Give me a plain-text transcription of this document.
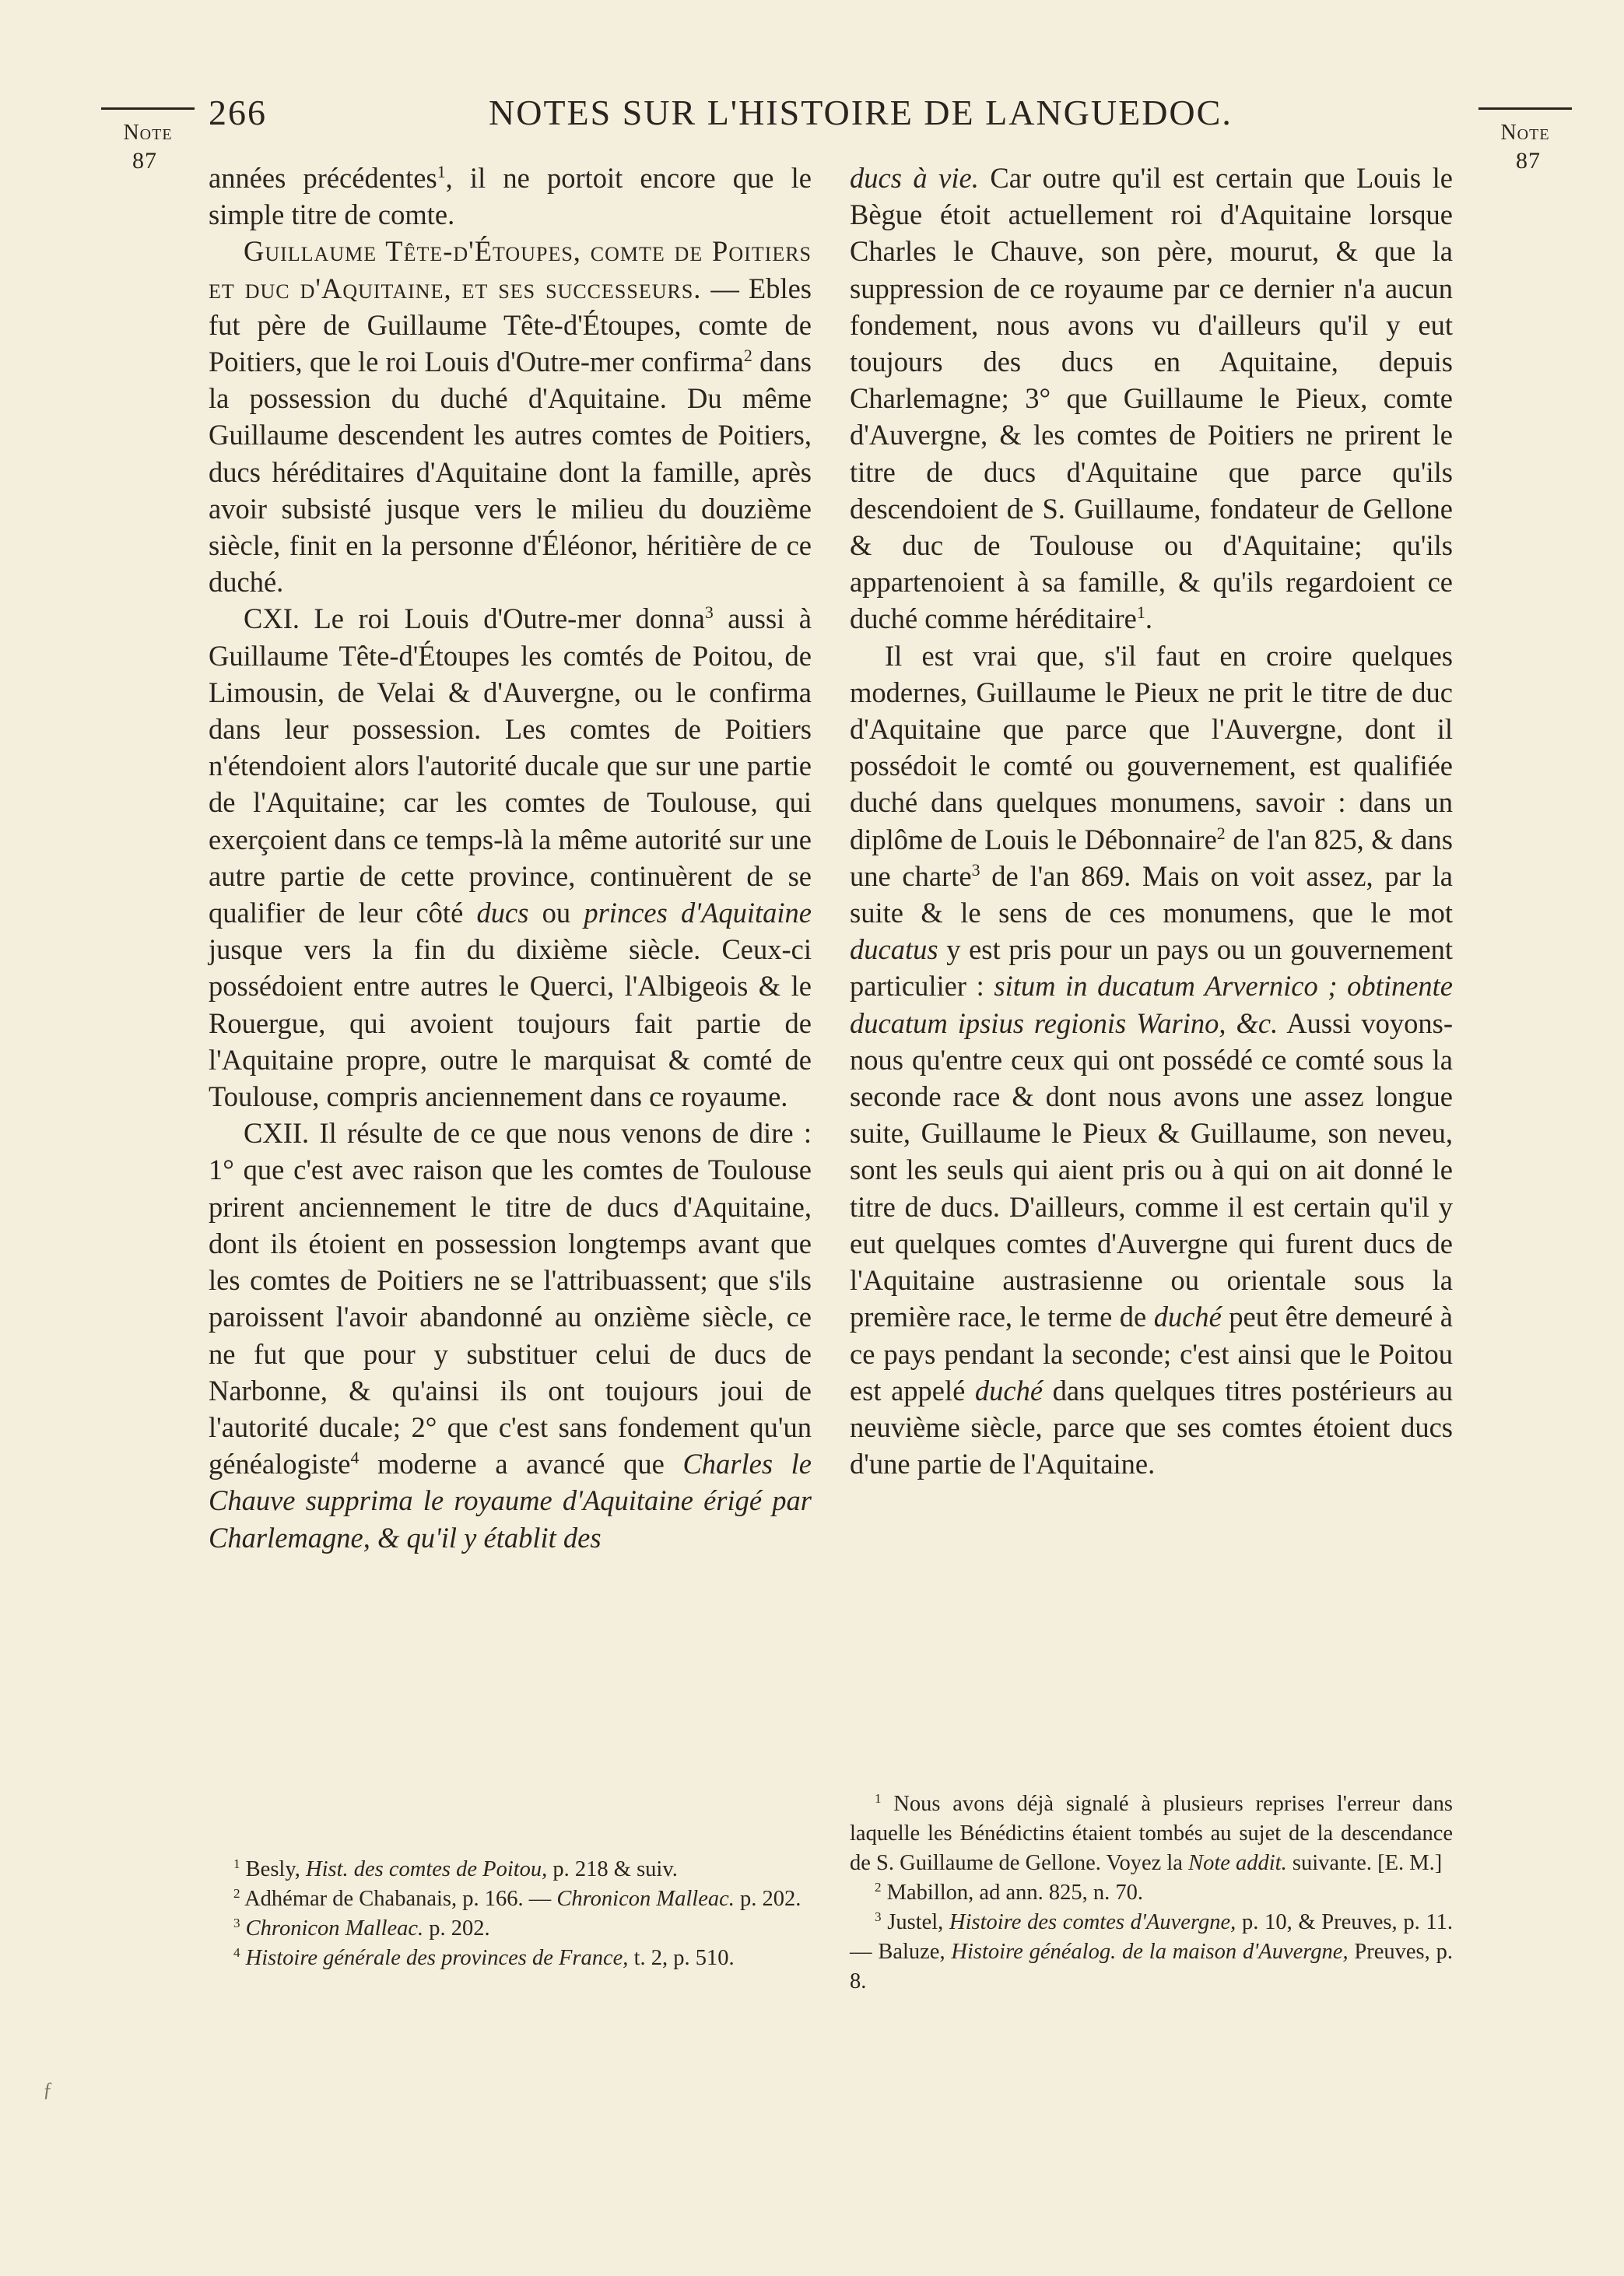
Note
87
Note
87
266	NOTES SUR L'HISTOIRE DE LANGUEDOC.

années précédentes$^1$, il ne portoit encore que le simple titre de comte.

Guillaume Tête-d'Étoupes, comte de Poitiers et duc d'Aquitaine, et ses successeurs. — Ebles fut père de Guillaume Tête-d'Étoupes, comte de Poitiers, que le roi Louis d'Outre-mer confirma$^2$ dans la possession du duché d'Aquitaine. Du même Guillaume descendent les autres comtes de Poitiers, ducs héréditaires d'Aquitaine dont la famille, après avoir subsisté jusque vers le milieu du douzième siècle, finit en la personne d'Éléonor, héritière de ce duché.

CXI. Le roi Louis d'Outre-mer donna$^3$ aussi à Guillaume Tête-d'Étoupes les comtés de Poitou, de Limousin, de Velai & d'Auvergne, ou le confirma dans leur possession. Les comtes de Poitiers n'étendoient alors l'autorité ducale que sur une partie de l'Aquitaine; car les comtes de Toulouse, qui exerçoient dans ce temps-là la même autorité sur une autre partie de cette province, continuèrent de se qualifier de leur côté ducs ou princes d'Aquitaine jusque vers la fin du dixième siècle. Ceux-ci possédoient entre autres le Querci, l'Albigeois & le Rouergue, qui avoient toujours fait partie de l'Aquitaine propre, outre le marquisat & comté de Toulouse, compris anciennement dans ce royaume.

CXII. Il résulte de ce que nous venons de dire : 1° que c'est avec raison que les comtes de Toulouse prirent anciennement le titre de ducs d'Aquitaine, dont ils étoient en possession longtemps avant que les comtes de Poitiers ne se l'attribuassent; que s'ils paroissent l'avoir abandonné au onzième siècle, ce ne fut que pour y substituer celui de ducs de Narbonne, & qu'ainsi ils ont toujours joui de l'autorité ducale; 2° que c'est sans fondement qu'un généalogiste$^4$ moderne a avancé que Charles le Chauve supprima le royaume d'Aquitaine érigé par Charlemagne, & qu'il y établit des

ducs à vie. Car outre qu'il est certain que Louis le Bègue étoit actuellement roi d'Aquitaine lorsque Charles le Chauve, son père, mourut, & que la suppression de ce royaume par ce dernier n'a aucun fondement, nous avons vu d'ailleurs qu'il y eut toujours des ducs en Aquitaine, depuis Charlemagne; 3° que Guillaume le Pieux, comte d'Auvergne, & les comtes de Poitiers ne prirent le titre de ducs d'Aquitaine que parce qu'ils descendoient de S. Guillaume, fondateur de Gellone & duc de Toulouse ou d'Aquitaine; qu'ils appartenoient à sa famille, & qu'ils regardoient ce duché comme héréditaire$^1$.

Il est vrai que, s'il faut en croire quelques modernes, Guillaume le Pieux ne prit le titre de duc d'Aquitaine que parce que l'Auvergne, dont il possédoit le comté ou gouvernement, est qualifiée duché dans quelques monumens, savoir : dans un diplôme de Louis le Débonnaire$^2$ de l'an 825, & dans une charte$^3$ de l'an 869. Mais on voit assez, par la suite & le sens de ces monumens, que le mot ducatus y est pris pour un pays ou un gouvernement particulier : situm in ducatum Arvernico ; obtinente ducatum ipsius regionis Warino, &c. Aussi voyons-nous qu'entre ceux qui ont possédé ce comté sous la seconde race & dont nous avons une assez longue suite, Guillaume le Pieux & Guillaume, son neveu, sont les seuls qui aient pris ou à qui on ait donné le titre de ducs. D'ailleurs, comme il est certain qu'il y eut quelques comtes d'Auvergne qui furent ducs de l'Aquitaine austrasienne ou orientale sous la première race, le terme de duché peut être demeuré à ce pays pendant la seconde; c'est ainsi que le Poitou est appelé duché dans quelques titres postérieurs au neuvième siècle, parce que ses comtes étoient ducs d'une partie de l'Aquitaine.

$^1$ Besly, Hist. des comtes de Poitou, p. 218 & suiv.

$^2$ Adhémar de Chabanais, p. 166. — Chronicon Malleac. p. 202.

$^3$ Chronicon Malleac. p. 202.

$^4$ Histoire générale des provinces de France, t. 2, p. 510.

$^1$ Nous avons déjà signalé à plusieurs reprises l'erreur dans laquelle les Bénédictins étaient tombés au sujet de la descendance de S. Guillaume de Gellone. Voyez la Note addit. suivante. [E. M.]

$^2$ Mabillon, ad ann. 825, n. 70.

$^3$ Justel, Histoire des comtes d'Auvergne, p. 10, & Preuves, p. 11. — Baluze, Histoire généalog. de la maison d'Auvergne, Preuves, p. 8.

ƒ
